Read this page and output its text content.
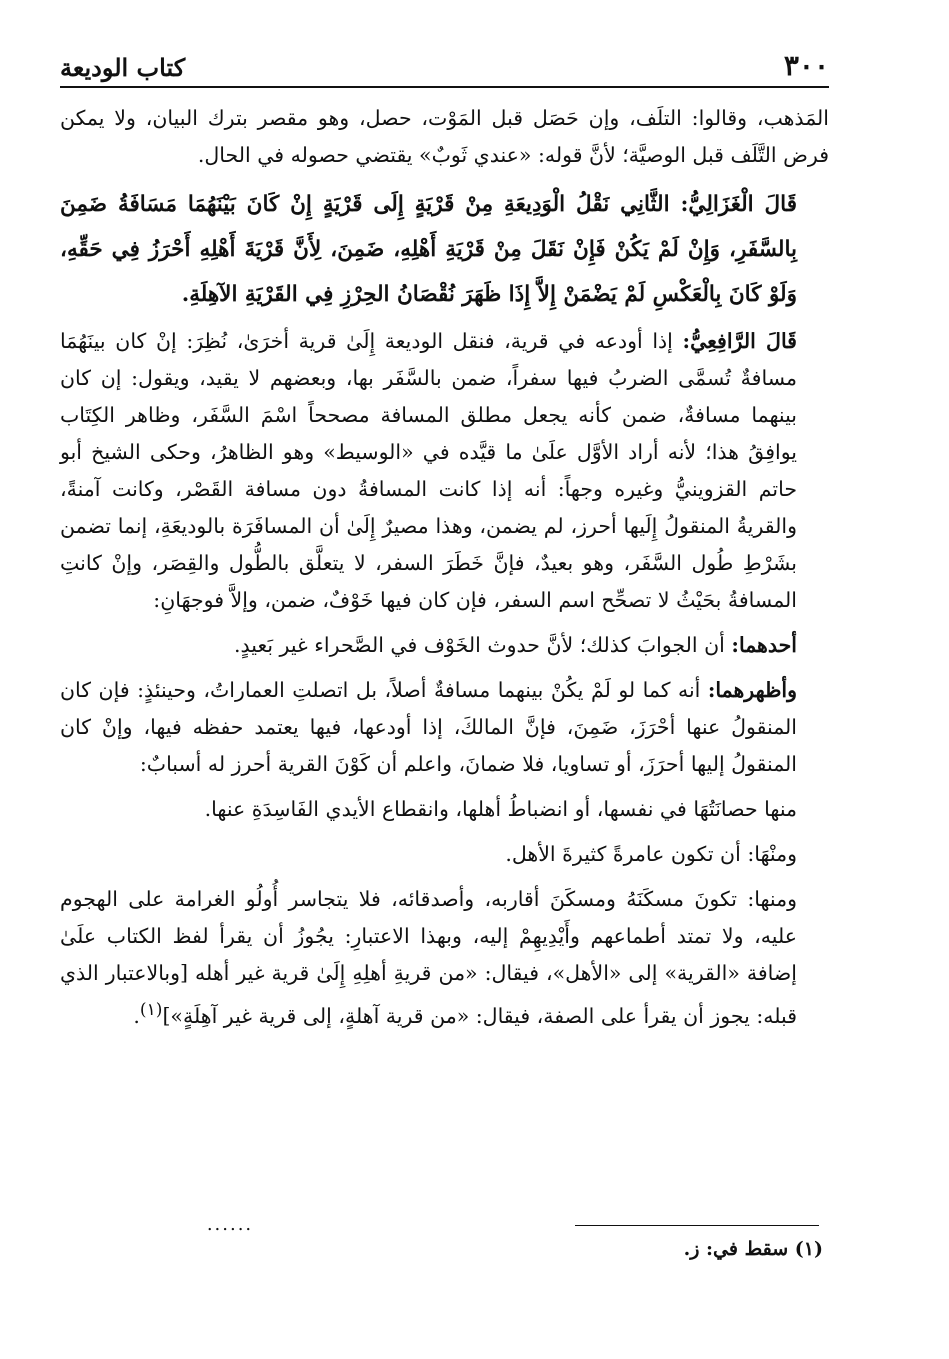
٣٠٠
كتاب الوديعة

المَذهب، وقالوا: التلَف، وإن حَصَل قبل المَوْت، حصل، وهو مقصر بترك البيان، ولا يمكن فرض التَّلَف قبل الوصيَّة؛ لأنَّ قوله: «عندي ثَوبٌ» يقتضي حصوله في الحال.

قَالَ الْغَزَالِيُّ: الثَّانِي نَقْلُ الْوَدِيعَةِ مِنْ قَرْيَةٍ إِلَى قَرْيَةٍ إِنْ كَانَ بَيْنَهُمَا مَسَافَةُ ضَمِنَ بِالسَّفَرِ، وَإِنْ لَمْ يَكُنْ فَإِنْ نَقَلَ مِنْ قَرْيَةِ أَهْلِهِ، ضَمِنَ، لِأَنَّ قَرْيَةَ أَهْلِهِ أَحْرَزُ فِي حَقِّهِ، وَلَوْ كَانَ بِالْعَكْسِ لَمْ يَضْمَنْ إِلاَّ إِذَا ظَهَرَ نُقْصَانُ الحِرْزِ فِي القَرْيَةِ الآهِلَةِ.

قَالَ الرَّافِعِيُّ: إذا أودعه في قرية، فنقل الوديعة إِلَىٰ قرية أخرَىٰ، نُظِرَ: إنْ كان بينَهُمَا مسافةٌ تُسمَّى الضربُ فيها سفراً، ضمن بالسَّفَر بها، وبعضهم لا يقيد، ويقول: إن كان بينهما مسافةٌ، ضمن كأنه يجعل مطلق المسافة مصححاً اسْمَ السَّفَر، وظاهر الكِتَاب يوافِقُ هذا؛ لأنه أراد الأوَّل علَىٰ ما قيَّده في «الوسيط» وهو الظاهرُ، وحكى الشيخ أبو حاتم القزوينيُّ وغيره وجهاً: أنه إذا كانت المسافةُ دون مسافة القَصْر، وكانت آمنةً، والقريةُ المنقولُ إِلَيها أحرز، لم يضمن، وهذا مصيرٌ إِلَىٰ أن المسافَرَة بالوديعَةِ، إنما تضمن بشَرْطِ طُول السَّفَر، وهو بعيدٌ، فإنَّ خَطَرَ السفر، لا يتعلَّق بالطُّول والقِصَر، وإنْ كانتِ المسافةُ بحَيْثُ لا تصحِّح اسم السفر، فإن كان فيها خَوْفٌ، ضمن، وإلاَّ فوجهَانِ:

أحدهما: أن الجوابَ كذلك؛ لأنَّ حدوث الخَوْف في الصَّحراء غير بَعيدٍ.

وأظهرهما: أنه كما لو لَمْ يكُنْ بينهما مسافةٌ أصلاً، بل اتصلتِ العماراتُ، وحينئذٍ: فإن كان المنقولُ عنها أحْرَزَ، ضَمِنَ، فإنَّ المالكَ، إذا أودعها، فيها يعتمد حفظه فيها، وإنْ كان المنقولُ إليها أحرَزَ، أو تساويا، فلا ضمانَ، واعلم أن كَوْنَ القرية أحرز له أسبابٌ:

منها حصانَتُهَا في نفسها، أو انضباطُ أهلها، وانقطاع الأيدي الفَاسِدَةِ عنها.

ومنْهَا: أن تكون عامرةً كثيرةَ الأهل.

ومنها: تكونَ مسكَنَهُ ومسكَنَ أقاربه، وأصدقائه، فلا يتجاسر أُولُو الغرامة على الهجوم عليه، ولا تمتد أطماعهم وأَيْدِيهِمْ إليه، وبهذا الاعتبارِ: يجُوزُ أن يقرأ لفظ الكتاب علَىٰ إضافة «القرية» إلى «الأهل»، فيقال: «من قريةِ أهلِهِ إِلَىٰ قرية غير أهله [وبالاعتبار الذي قبله: يجوز أن يقرأ على الصفة، فيقال: «من قرية آهلةٍ، إلى قرية غير آهِلَةٍ»]$^{(١)}$.

......
(١) سقط في: ز.
